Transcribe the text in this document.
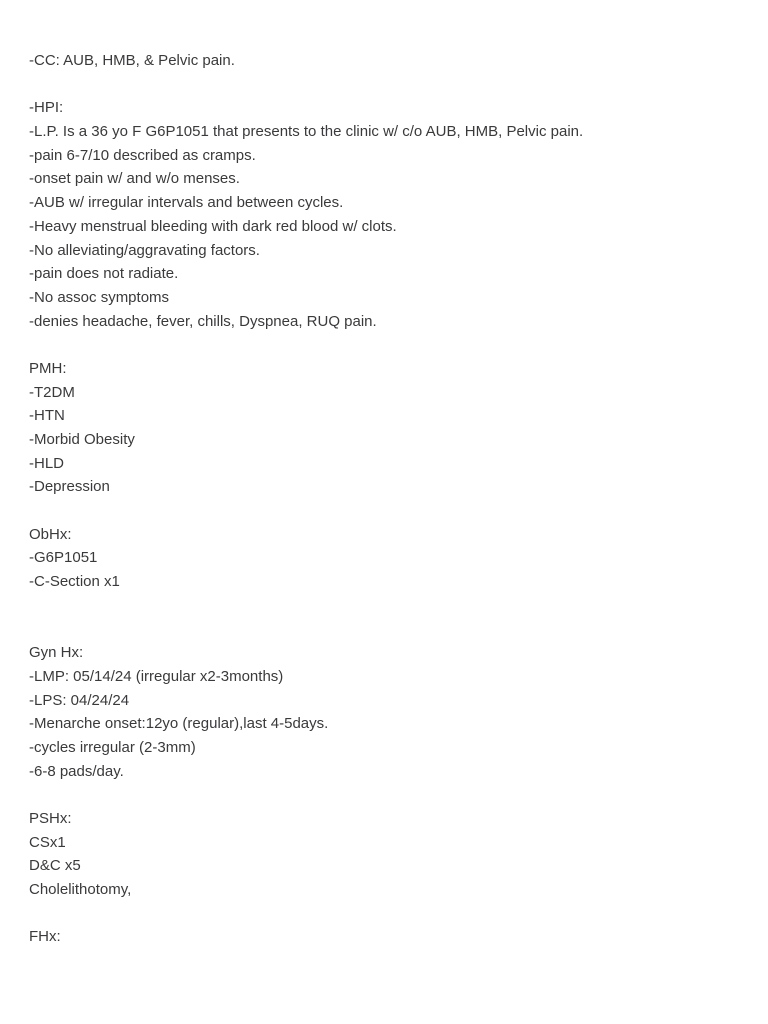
-CC: AUB, HMB, & Pelvic pain.
-HPI:
-L.P. Is a 36 yo F G6P1051 that presents to the clinic w/ c/o AUB, HMB, Pelvic pain.
-pain 6-7/10 described as cramps.
-onset pain w/ and w/o menses.
-AUB w/ irregular intervals and between cycles.
-Heavy menstrual bleeding with dark red blood w/ clots.
-No alleviating/aggravating factors.
-pain does not radiate.
-No assoc symptoms
-denies headache, fever, chills, Dyspnea, RUQ pain.
PMH:
-T2DM
-HTN
-Morbid Obesity
-HLD
-Depression
ObHx:
-G6P1051
-C-Section x1
Gyn Hx:
-LMP: 05/14/24 (irregular x2-3months)
-LPS: 04/24/24
-Menarche onset:12yo (regular),last 4-5days.
-cycles irregular (2-3mm)
-6-8 pads/day.
PSHx:
CSx1
D&C x5
Cholelithotomy,
FHx:
